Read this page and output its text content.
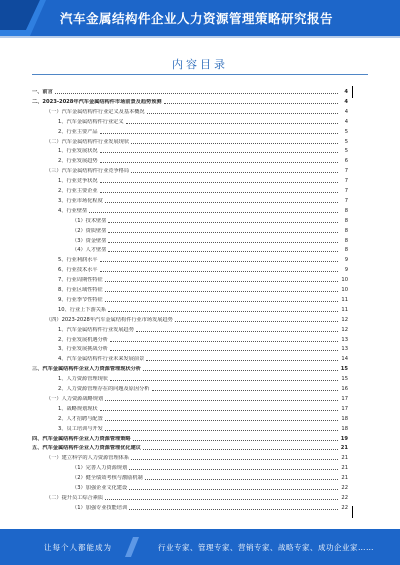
汽车金属结构件企业人力资源管理策略研究报告
内容目录
一、前言	4
二、2023-2028年汽车金属结构件市场前景及趋势预测	4
（一）汽车金属结构件行业定义及基本概况	4
1、汽车金属结构件行业定义	4
2、行业主要产品	5
（二）汽车金属结构件行业发展现状	5
1、行业发展状况	5
2、行业发展趋势	6
（三）汽车金属结构件行业竞争格局	7
1、行业竞争状况	7
2、行业主要企业	7
3、行业市场化程度	7
4、行业壁垒	8
（1）技术壁垒	8
（2）资质壁垒	8
（3）资金壁垒	8
（4）人才壁垒	8
5、行业利润水平	9
6、行业技术水平	9
7、行业周期性特征	10
8、行业区域性特征	10
9、行业季节性特征	11
10、行业上下游关系	11
（四）2023-2028年汽车金属结构件行业市场发展趋势	12
1、汽车金属结构件行业发展趋势	12
2、行业发展机遇分析	13
3、行业发展挑战分析	13
4、汽车金属结构件行业未来发展前景	14
三、汽车金属结构件企业人力资源管理现状分析	15
1、人力资源管理现状	15
2、人力资源管理存在的问题及原因分析	16
（一）人力资源战略规划	17
1、战略规划现状	17
2、人才招聘与配置	18
3、员工培训与开发	18
四、汽车金属结构件企业人力资源管理策略	19
五、汽车金属结构件企业人力资源管理优化建议	21
（一）建立科学的人力资源管理体系	21
（1）完善人力资源规划	21
（2）健全绩效考核与激励机制	21
（3）加强企业文化建设	22
（二）提升员工综合素质	22
（1）加强专业技能培训	22
让每个人都能成为	行业专家、管理专家、营销专家、战略专家、成功企业家……
